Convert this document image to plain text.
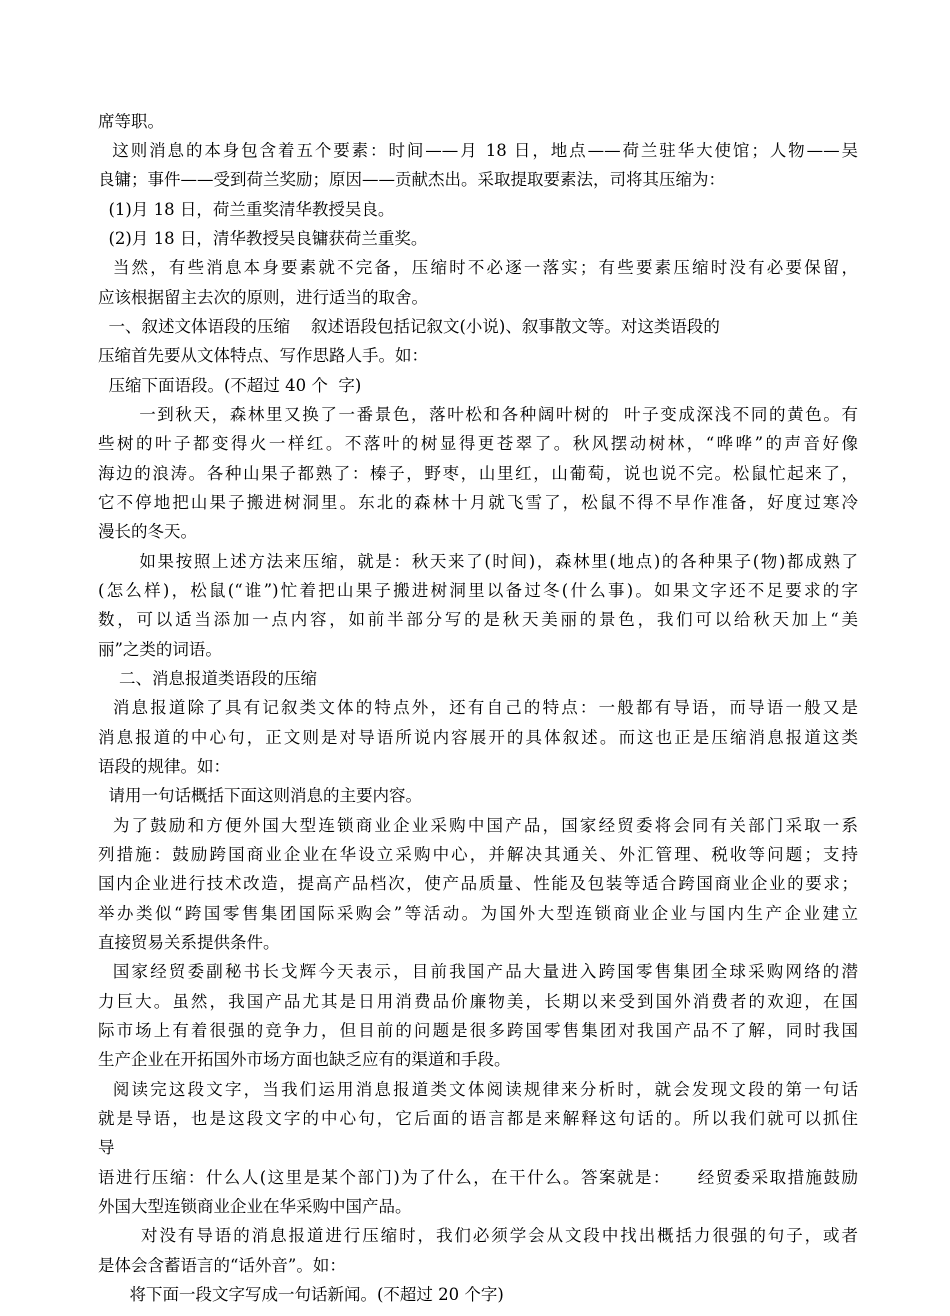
席等职。
这则消息的本身包含着五个要素：时间——月 18 日，地点——荷兰驻华大使馆；人物——吴
良镛；事件——受到荷兰奖励；原因——贡献杰出。采取提取要素法，司将其压缩为：
(1)月 18 日，荷兰重奖清华教授吴良。
(2)月 18 日，清华教授吴良镛获荷兰重奖。
当然，有些消息本身要素就不完备，压缩时不必逐一落实；有些要素压缩时没有必要保留，
应该根据留主去次的原则，进行适当的取舍。
一、叙述文体语段的压缩    叙述语段包括记叙文(小说)、叙事散文等。对这类语段的
压缩首先要从文体特点、写作思路人手。如：
压缩下面语段。(不超过 40 个  字)
一到秋天，森林里又换了一番景色，落叶松和各种阔叶树的  叶子变成深浅不同的黄色。有
些树的叶子都变得火一样红。不落叶的树显得更苍翠了。秋风摆动树林，“哗哗”的声音好像
海边的浪涛。各种山果子都熟了：榛子，野枣，山里红，山葡萄，说也说不完。松鼠忙起来了，
它不停地把山果子搬进树洞里。东北的森林十月就飞雪了，松鼠不得不早作准备，好度过寒冷
漫长的冬天。
如果按照上述方法来压缩，就是：秋天来了(时间)，森林里(地点)的各种果子(物)都成熟了
(怎么样)，松鼠(“谁”)忙着把山果子搬进树洞里以备过冬(什么事)。如果文字还不足要求的字
数，可以适当添加一点内容，如前半部分写的是秋天美丽的景色，我们可以给秋天加上“美
丽”之类的词语。
二、消息报道类语段的压缩
消息报道除了具有记叙类文体的特点外，还有自己的特点：一般都有导语，而导语一般又是
消息报道的中心句，正文则是对导语所说内容展开的具体叙述。而这也正是压缩消息报道这类
语段的规律。如：
请用一句话概括下面这则消息的主要内容。
为了鼓励和方便外国大型连锁商业企业采购中国产品，国家经贸委将会同有关部门采取一系
列措施：鼓励跨国商业企业在华设立采购中心，并解决其通关、外汇管理、税收等问题；支持
国内企业进行技术改造，提高产品档次，使产品质量、性能及包装等适合跨国商业企业的要求；
举办类似“跨国零售集团国际采购会”等活动。为国外大型连锁商业企业与国内生产企业建立
直接贸易关系提供条件。
国家经贸委副秘书长戈辉今天表示，目前我国产品大量进入跨国零售集团全球采购网络的潜
力巨大。虽然，我国产品尤其是日用消费品价廉物美，长期以来受到国外消费者的欢迎，在国
际市场上有着很强的竞争力，但目前的问题是很多跨国零售集团对我国产品不了解，同时我国
生产企业在开拓国外市场方面也缺乏应有的渠道和手段。
阅读完这段文字，当我们运用消息报道类文体阅读规律来分析时，就会发现文段的第一句话
就是导语，也是这段文字的中心句，它后面的语言都是来解释这句话的。所以我们就可以抓住
导
语进行压缩：什么人(这里是某个部门)为了什么，在干什么。答案就是：    经贸委采取措施鼓励
外国大型连锁商业企业在华采购中国产品。
对没有导语的消息报道进行压缩时，我们必须学会从文段中找出概括力很强的句子，或者
是体会含蓄语言的“话外音”。如：
将下面一段文字写成一句话新闻。(不超过 20 个字)
